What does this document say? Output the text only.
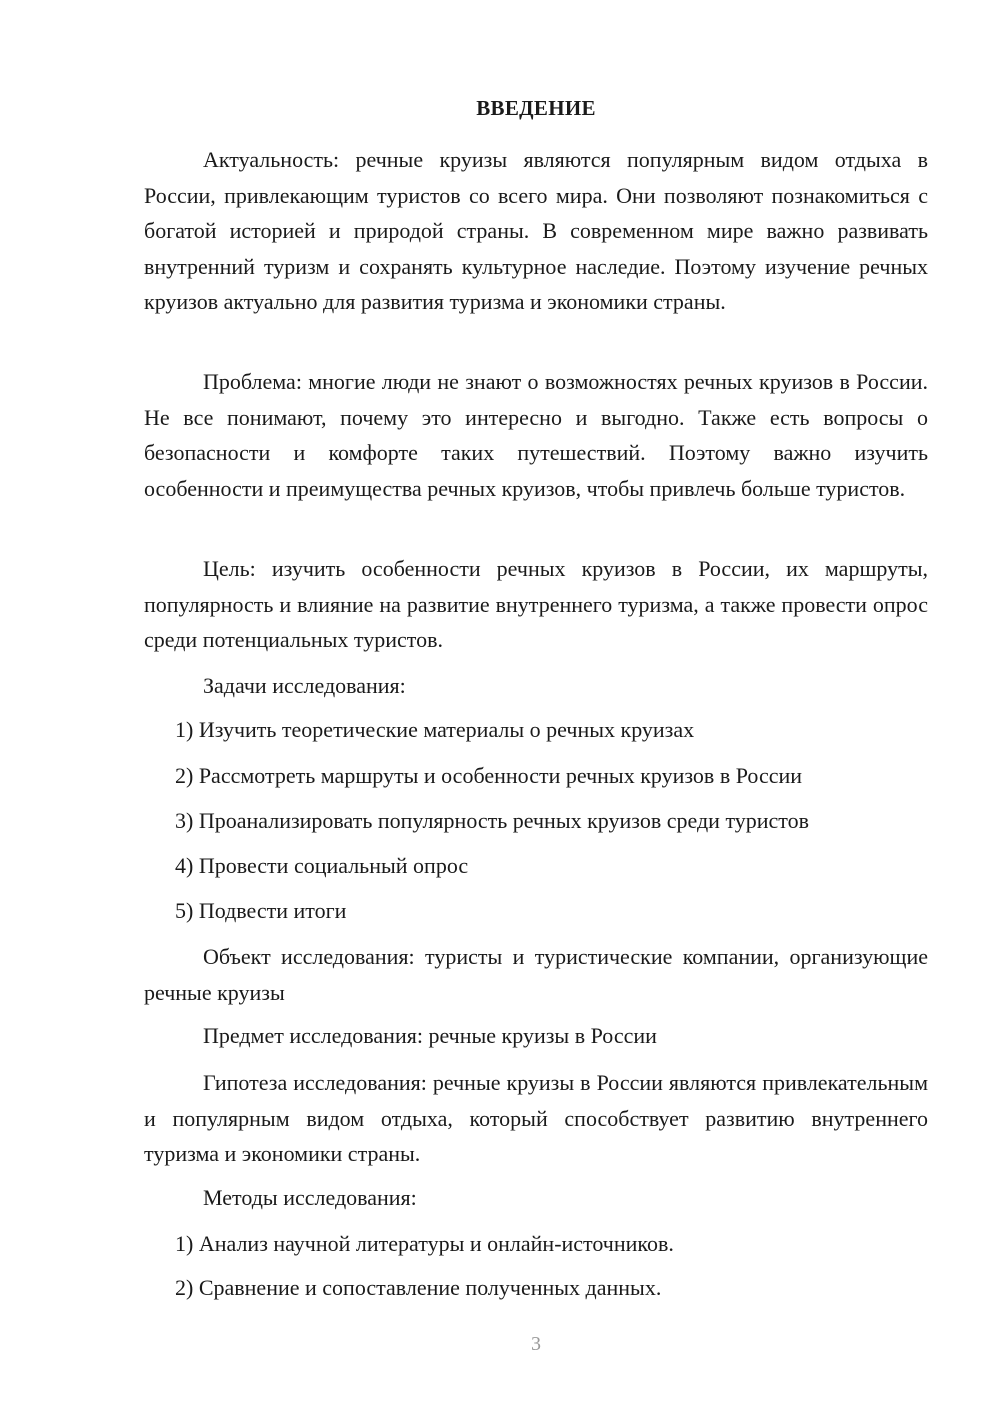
ВВЕДЕНИЕ

Актуальность: речные круизы являются популярным видом отдыха в России, привлекающим туристов со всего мира. Они позволяют познакомиться с богатой историей и природой страны. В современном мире важно развивать внутренний туризм и сохранять культурное наследие. Поэтому изучение речных круизов актуально для развития туризма и экономики страны.

Проблема: многие люди не знают о возможностях речных круизов в России. Не все понимают, почему это интересно и выгодно. Также есть вопросы о безопасности и комфорте таких путешествий. Поэтому важно изучить особенности и преимущества речных круизов, чтобы привлечь больше туристов.

Цель: изучить особенности речных круизов в России, их маршруты, популярность и влияние на развитие внутреннего туризма, а также провести опрос среди потенциальных туристов.

Задачи исследования:

1) Изучить теоретические материалы о речных круизах

2) Рассмотреть маршруты и особенности речных круизов в России

3) Проанализировать популярность речных круизов среди туристов

4) Провести социальный опрос

5) Подвести итоги

Объект исследования: туристы и туристические компании, организующие речные круизы

Предмет исследования: речные круизы в России

Гипотеза исследования: речные круизы в России являются привлекательным и популярным видом отдыха, который способствует развитию внутреннего туризма и экономики страны.

Методы исследования:

1) Анализ научной литературы и онлайн-источников.

2) Сравнение и сопоставление полученных данных.

3
